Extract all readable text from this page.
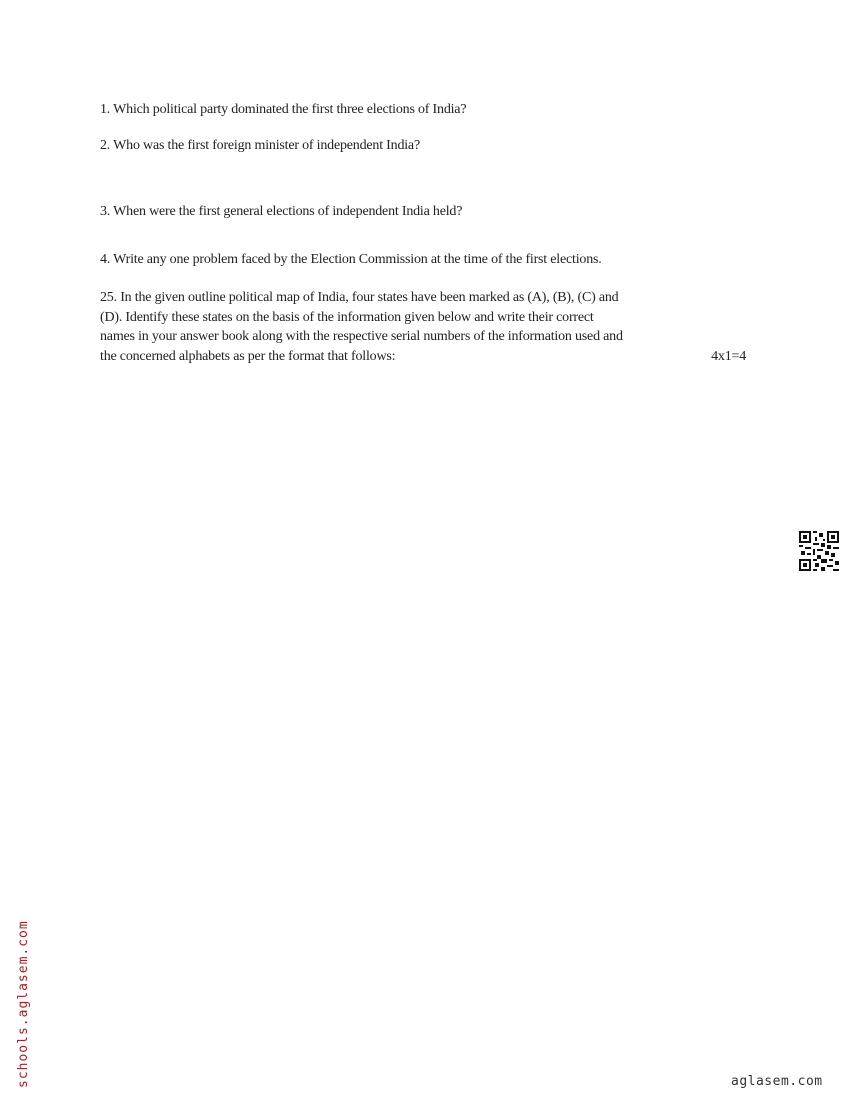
1. Which political party dominated the first three elections of India?

2. Who was the first foreign minister of independent India?

3. When were the first general elections of independent India held?

4. Write any one problem faced by the Election Commission at the time of the first elections.

25. In the given outline political map of India, four states have been marked as (A), (B), (C) and
(D). Identify these states on the basis of the information given below and write their correct
names in your answer book along with the respective serial numbers of the information used and
the concerned alphabets as per the format that follows:	4x1=4
schools.aglasem.com	aglasem.com
